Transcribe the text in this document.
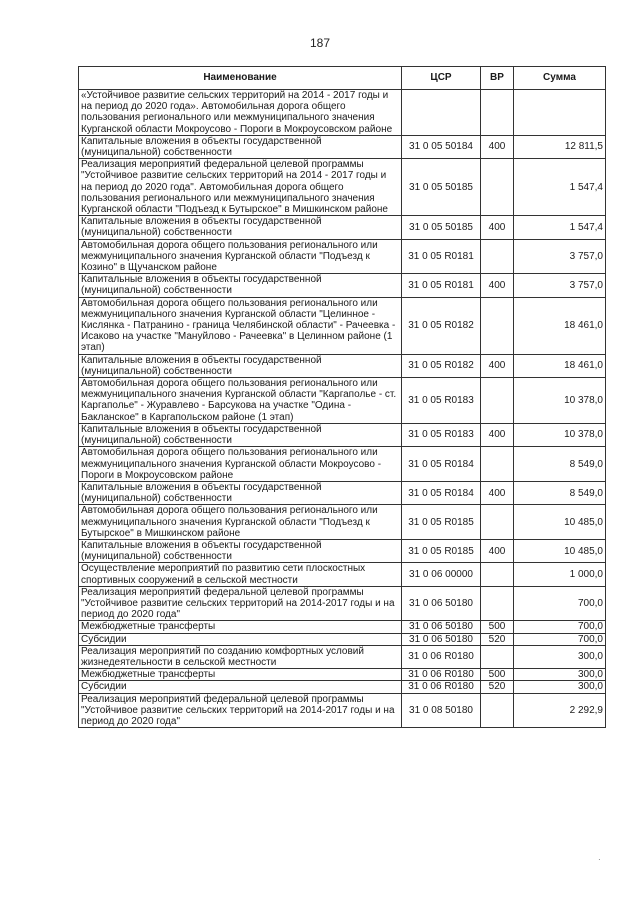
187
Наименование	ЦСР	ВР	Сумма
«Устойчивое развитие сельских территорий на 2014 - 2017 годы и на период до 2020 года». Автомобильная дорога общего пользования регионального или межмуниципального значения Курганской области Мокроусово - Пороги в Мокроусовском районе			
Капитальные вложения в объекты государственной (муниципальной) собственности	31 0 05 50184	400	12 811,5
Реализация мероприятий федеральной целевой программы "Устойчивое развитие сельских территорий на 2014 - 2017 годы и на период до 2020 года". Автомобильная дорога общего пользования регионального или межмуниципального значения Курганской области "Подъезд к Бутырское" в Мишкинском районе	31 0 05 50185		1 547,4
Капитальные вложения в объекты государственной (муниципальной) собственности	31 0 05 50185	400	1 547,4
Автомобильная дорога общего пользования регионального или межмуниципального значения Курганской области "Подъезд к Козино" в Щучанском районе	31 0 05 R0181		3 757,0
Капитальные вложения в объекты государственной (муниципальной) собственности	31 0 05 R0181	400	3 757,0
Автомобильная дорога общего пользования регионального или межмуниципального значения Курганской области "Целинное - Кислянка - Патранино - граница Челябинской области" - Рачеевка - Исаково на участке "Мануйлово - Рачеевка" в Целинном районе (1 этап)	31 0 05 R0182		18 461,0
Капитальные вложения в объекты государственной (муниципальной) собственности	31 0 05 R0182	400	18 461,0
Автомобильная дорога общего пользования регионального или межмуниципального значения Курганской области "Каргаполье - ст. Каргаполье" - Журавлево - Барсукова на участке "Одина - Бакланское" в Каргапольском районе (1 этап)	31 0 05 R0183		10 378,0
Капитальные вложения в объекты государственной (муниципальной) собственности	31 0 05 R0183	400	10 378,0
Автомобильная дорога общего пользования регионального или межмуниципального значения Курганской области Мокроусово - Пороги в Мокроусовском районе	31 0 05 R0184		8 549,0
Капитальные вложения в объекты государственной (муниципальной) собственности	31 0 05 R0184	400	8 549,0
Автомобильная дорога общего пользования регионального или межмуниципального значения Курганской области "Подъезд к Бутырское" в Мишкинском районе	31 0 05 R0185		10 485,0
Капитальные вложения в объекты государственной (муниципальной) собственности	31 0 05 R0185	400	10 485,0
Осуществление мероприятий по развитию сети плоскостных спортивных сооружений в сельской местности	31 0 06 00000		1 000,0
Реализация мероприятий федеральной целевой программы "Устойчивое развитие сельских территорий на 2014-2017 годы и на период до 2020 года"	31 0 06 50180		700,0
Межбюджетные трансферты	31 0 06 50180	500	700,0
Субсидии	31 0 06 50180	520	700,0
Реализация мероприятий по созданию комфортных условий жизнедеятельности в сельской местности	31 0 06 R0180		300,0
Межбюджетные трансферты	31 0 06 R0180	500	300,0
Субсидии	31 0 06 R0180	520	300,0
Реализация мероприятий федеральной целевой программы "Устойчивое развитие сельских территорий на 2014-2017 годы и на период до 2020 года"	31 0 08 50180		2 292,9
·
